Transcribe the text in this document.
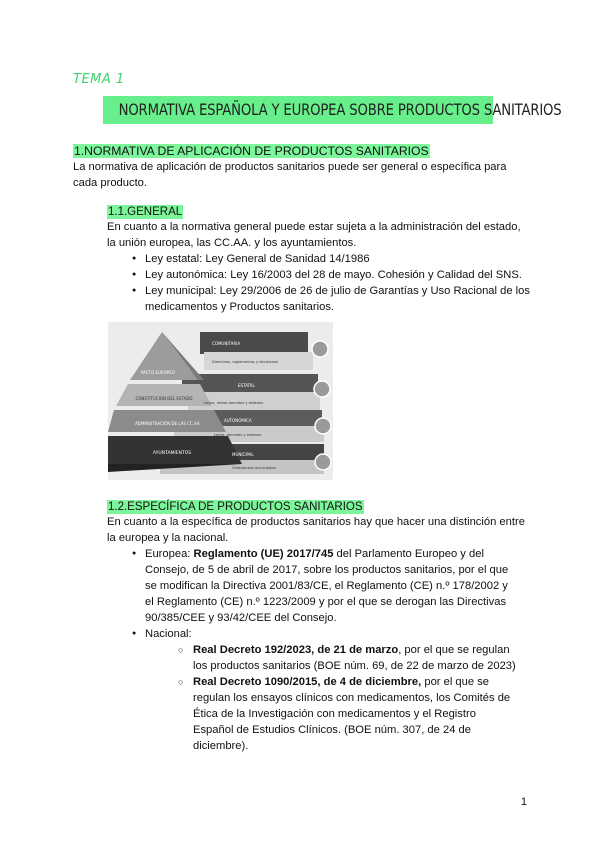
TEMA 1
NORMATIVA ESPAÑOLA Y EUROPEA SOBRE PRODUCTOS SANITARIOS
1.NORMATIVA DE APLICACIÓN DE PRODUCTOS SANITARIOS
La normativa de aplicación de productos sanitarios puede ser general o específica para
cada producto.
1.1.GENERAL
En cuanto a la normativa general puede estar sujeta a la administración del estado,
la unión europea, las CC.AA. y los ayuntamientos.
● Ley estatal: Ley General de Sanidad 14/1986
● Ley autonómica: Ley 16/2003 del 28 de mayo. Cohesión y Calidad del SNS.
● Ley municipal: Ley 29/2006 de 26 de julio de Garantías y Uso Racional de los medicamentos y Productos sanitarios.
PACTO EUROPEO
CONSTITUCIÓN DEL ESTADO
ADMINISTRACIÓN DE LAS CC.AA.
AYUNTAMIENTOS
COMUNITARIA
Directivas, reglamentos y decisiones
ESTATAL
Leyes, reales decretos y órdenes
AUTONÓMICA
Leyes, decretos y órdenes
MUNICIPAL
Ordenanzas municipales
1.2.ESPECÍFICA DE PRODUCTOS SANITARIOS
En cuanto a la específica de productos sanitarios hay que hacer una distinción entre
la europea y la nacional.
● Europea: Reglamento (UE) 2017/745 del Parlamento Europeo y del Consejo, de 5 de abril de 2017, sobre los productos sanitarios, por el que se modifican la Directiva 2001/83/CE, el Reglamento (CE) n.º 178/2002 y el Reglamento (CE) n.º 1223/2009 y por el que se derogan las Directivas 90/385/CEE y 93/42/CEE del Consejo.
● Nacional:
○ Real Decreto 192/2023, de 21 de marzo, por el que se regulan los productos sanitarios (BOE núm. 69, de 22 de marzo de 2023)
○ Real Decreto 1090/2015, de 4 de diciembre, por el que se regulan los ensayos clínicos con medicamentos, los Comités de Ética de la Investigación con medicamentos y el Registro Español de Estudios Clínicos. (BOE núm. 307, de 24 de diciembre).
1
